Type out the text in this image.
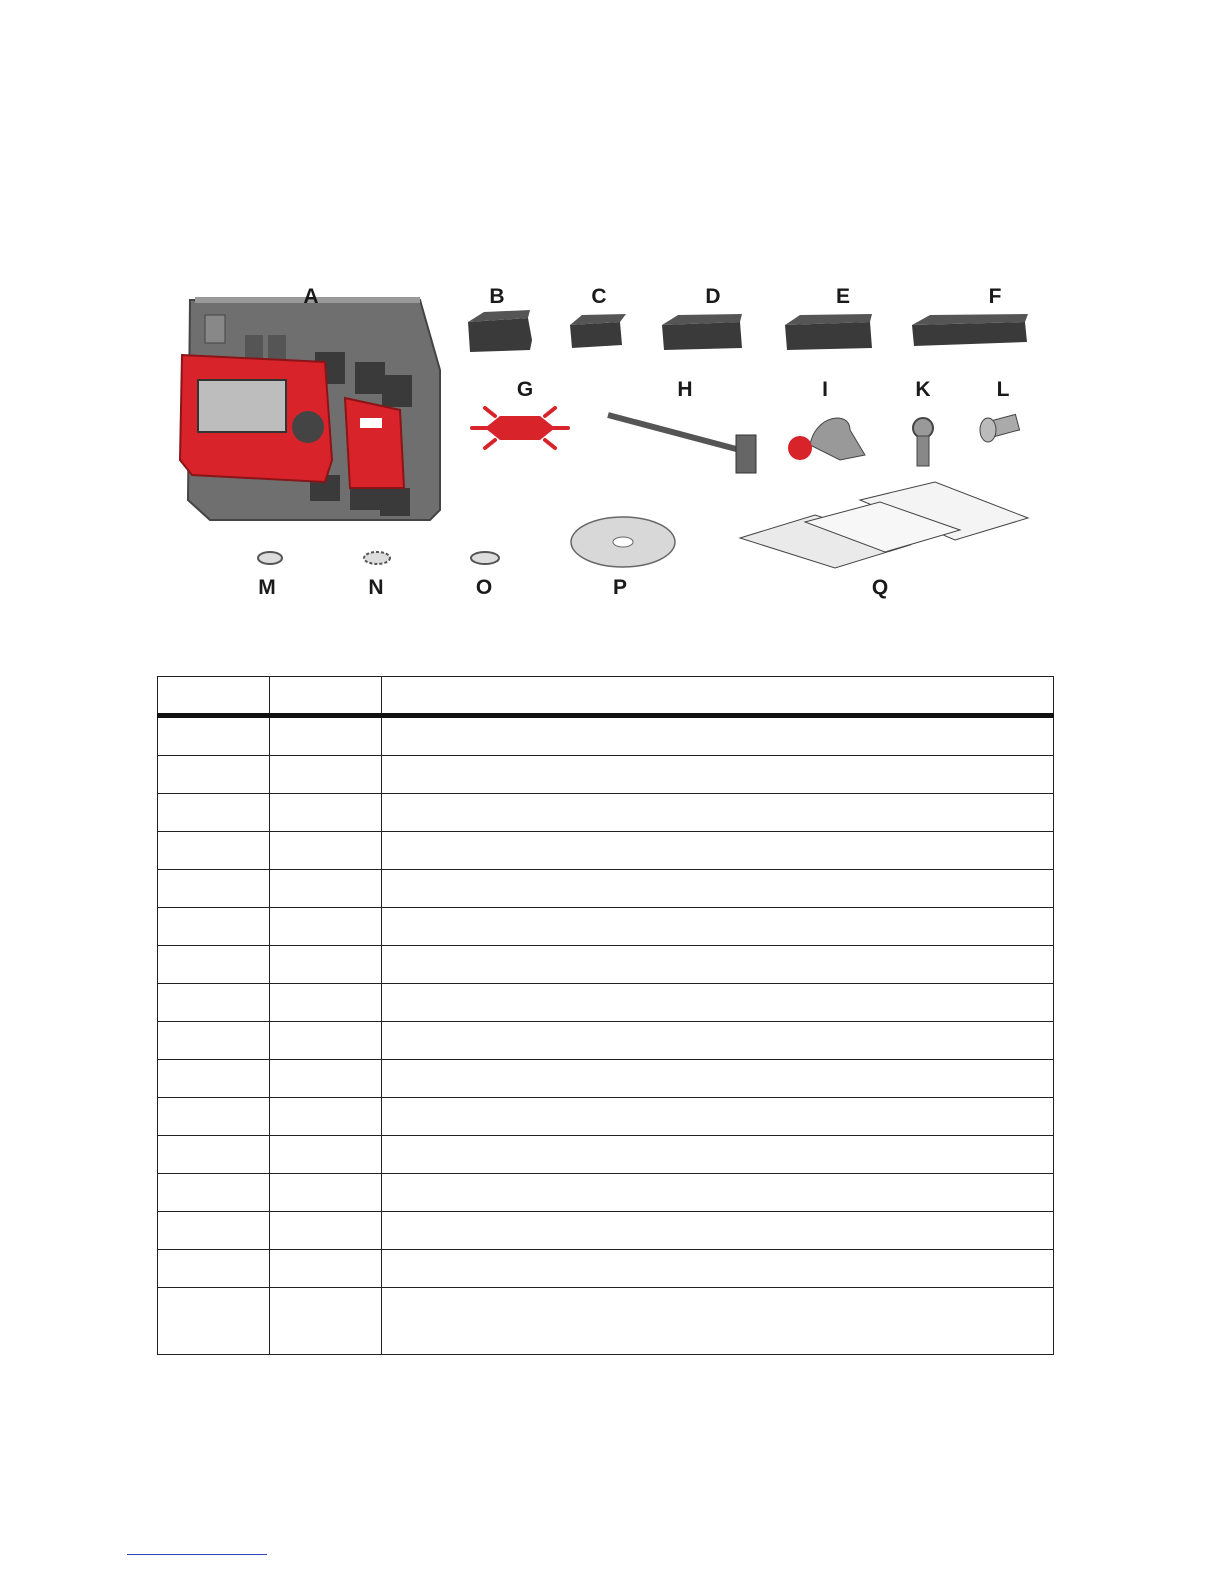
A	B	C	D	E	F
G	H	I	K	L
M	N	O	P	Q
